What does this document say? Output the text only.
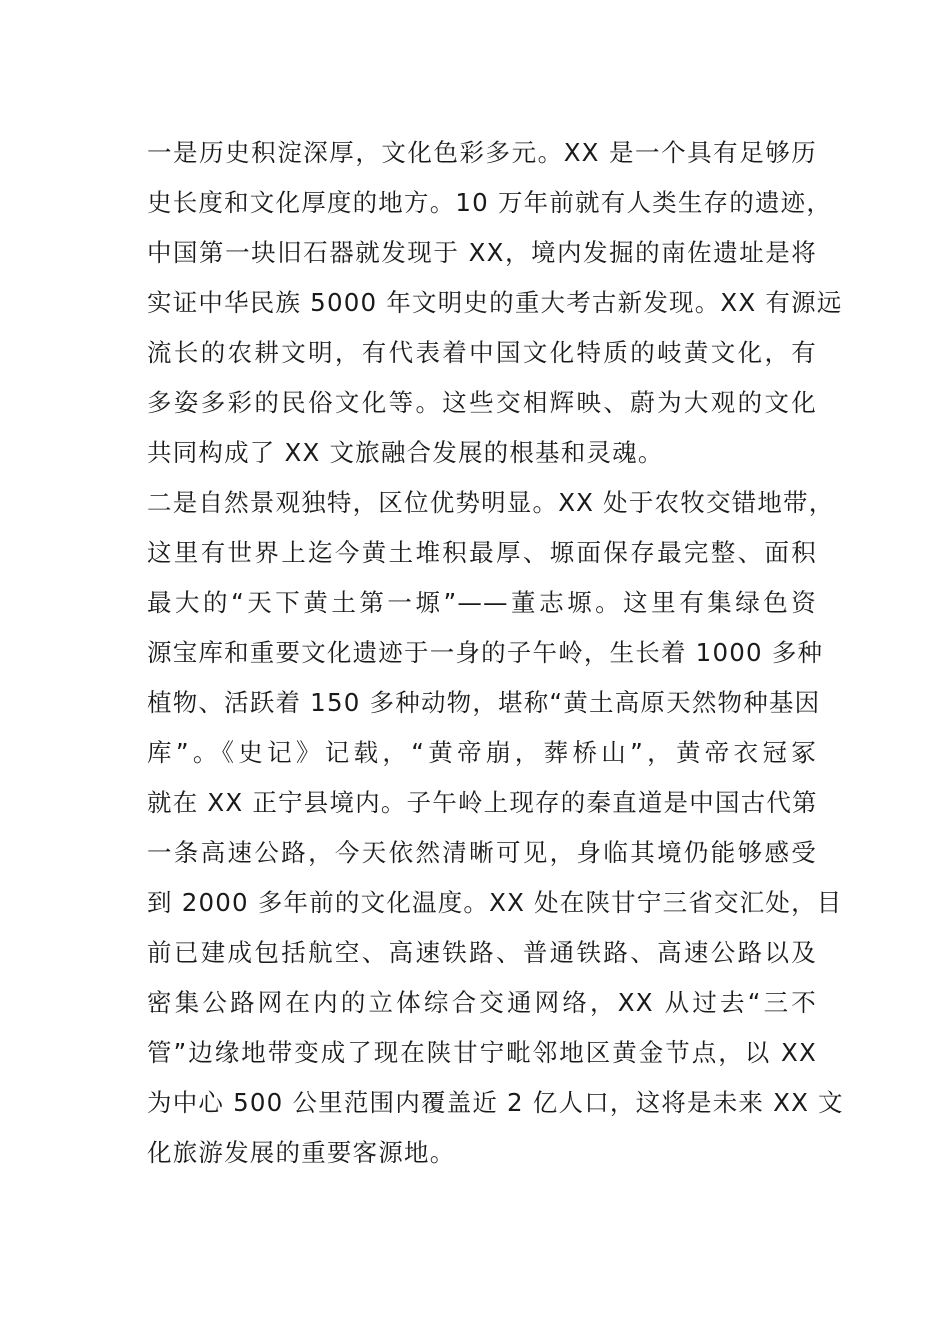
一是历史积淀深厚，文化色彩多元。XX 是一个具有足够历
史长度和文化厚度的地方。10 万年前就有人类生存的遗迹，
中国第一块旧石器就发现于 XX，境内发掘的南佐遗址是将
实证中华民族 5000 年文明史的重大考古新发现。XX 有源远
流长的农耕文明，有代表着中国文化特质的岐黄文化，有
多姿多彩的民俗文化等。这些交相辉映、蔚为大观的文化
共同构成了 XX 文旅融合发展的根基和灵魂。
二是自然景观独特，区位优势明显。XX 处于农牧交错地带，
这里有世界上迄今黄土堆积最厚、塬面保存最完整、面积
最大的“天下黄土第一塬”——董志塬。这里有集绿色资
源宝库和重要文化遗迹于一身的子午岭，生长着 1000 多种
植物、活跃着 150 多种动物，堪称“黄土高原天然物种基因
库”。《史记》记载，“黄帝崩，葬桥山”，黄帝衣冠冢
就在 XX 正宁县境内。子午岭上现存的秦直道是中国古代第
一条高速公路，今天依然清晰可见，身临其境仍能够感受
到 2000 多年前的文化温度。XX 处在陕甘宁三省交汇处，目
前已建成包括航空、高速铁路、普通铁路、高速公路以及
密集公路网在内的立体综合交通网络，XX 从过去“三不
管”边缘地带变成了现在陕甘宁毗邻地区黄金节点，以 XX
为中心 500 公里范围内覆盖近 2 亿人口，这将是未来 XX 文
化旅游发展的重要客源地。
